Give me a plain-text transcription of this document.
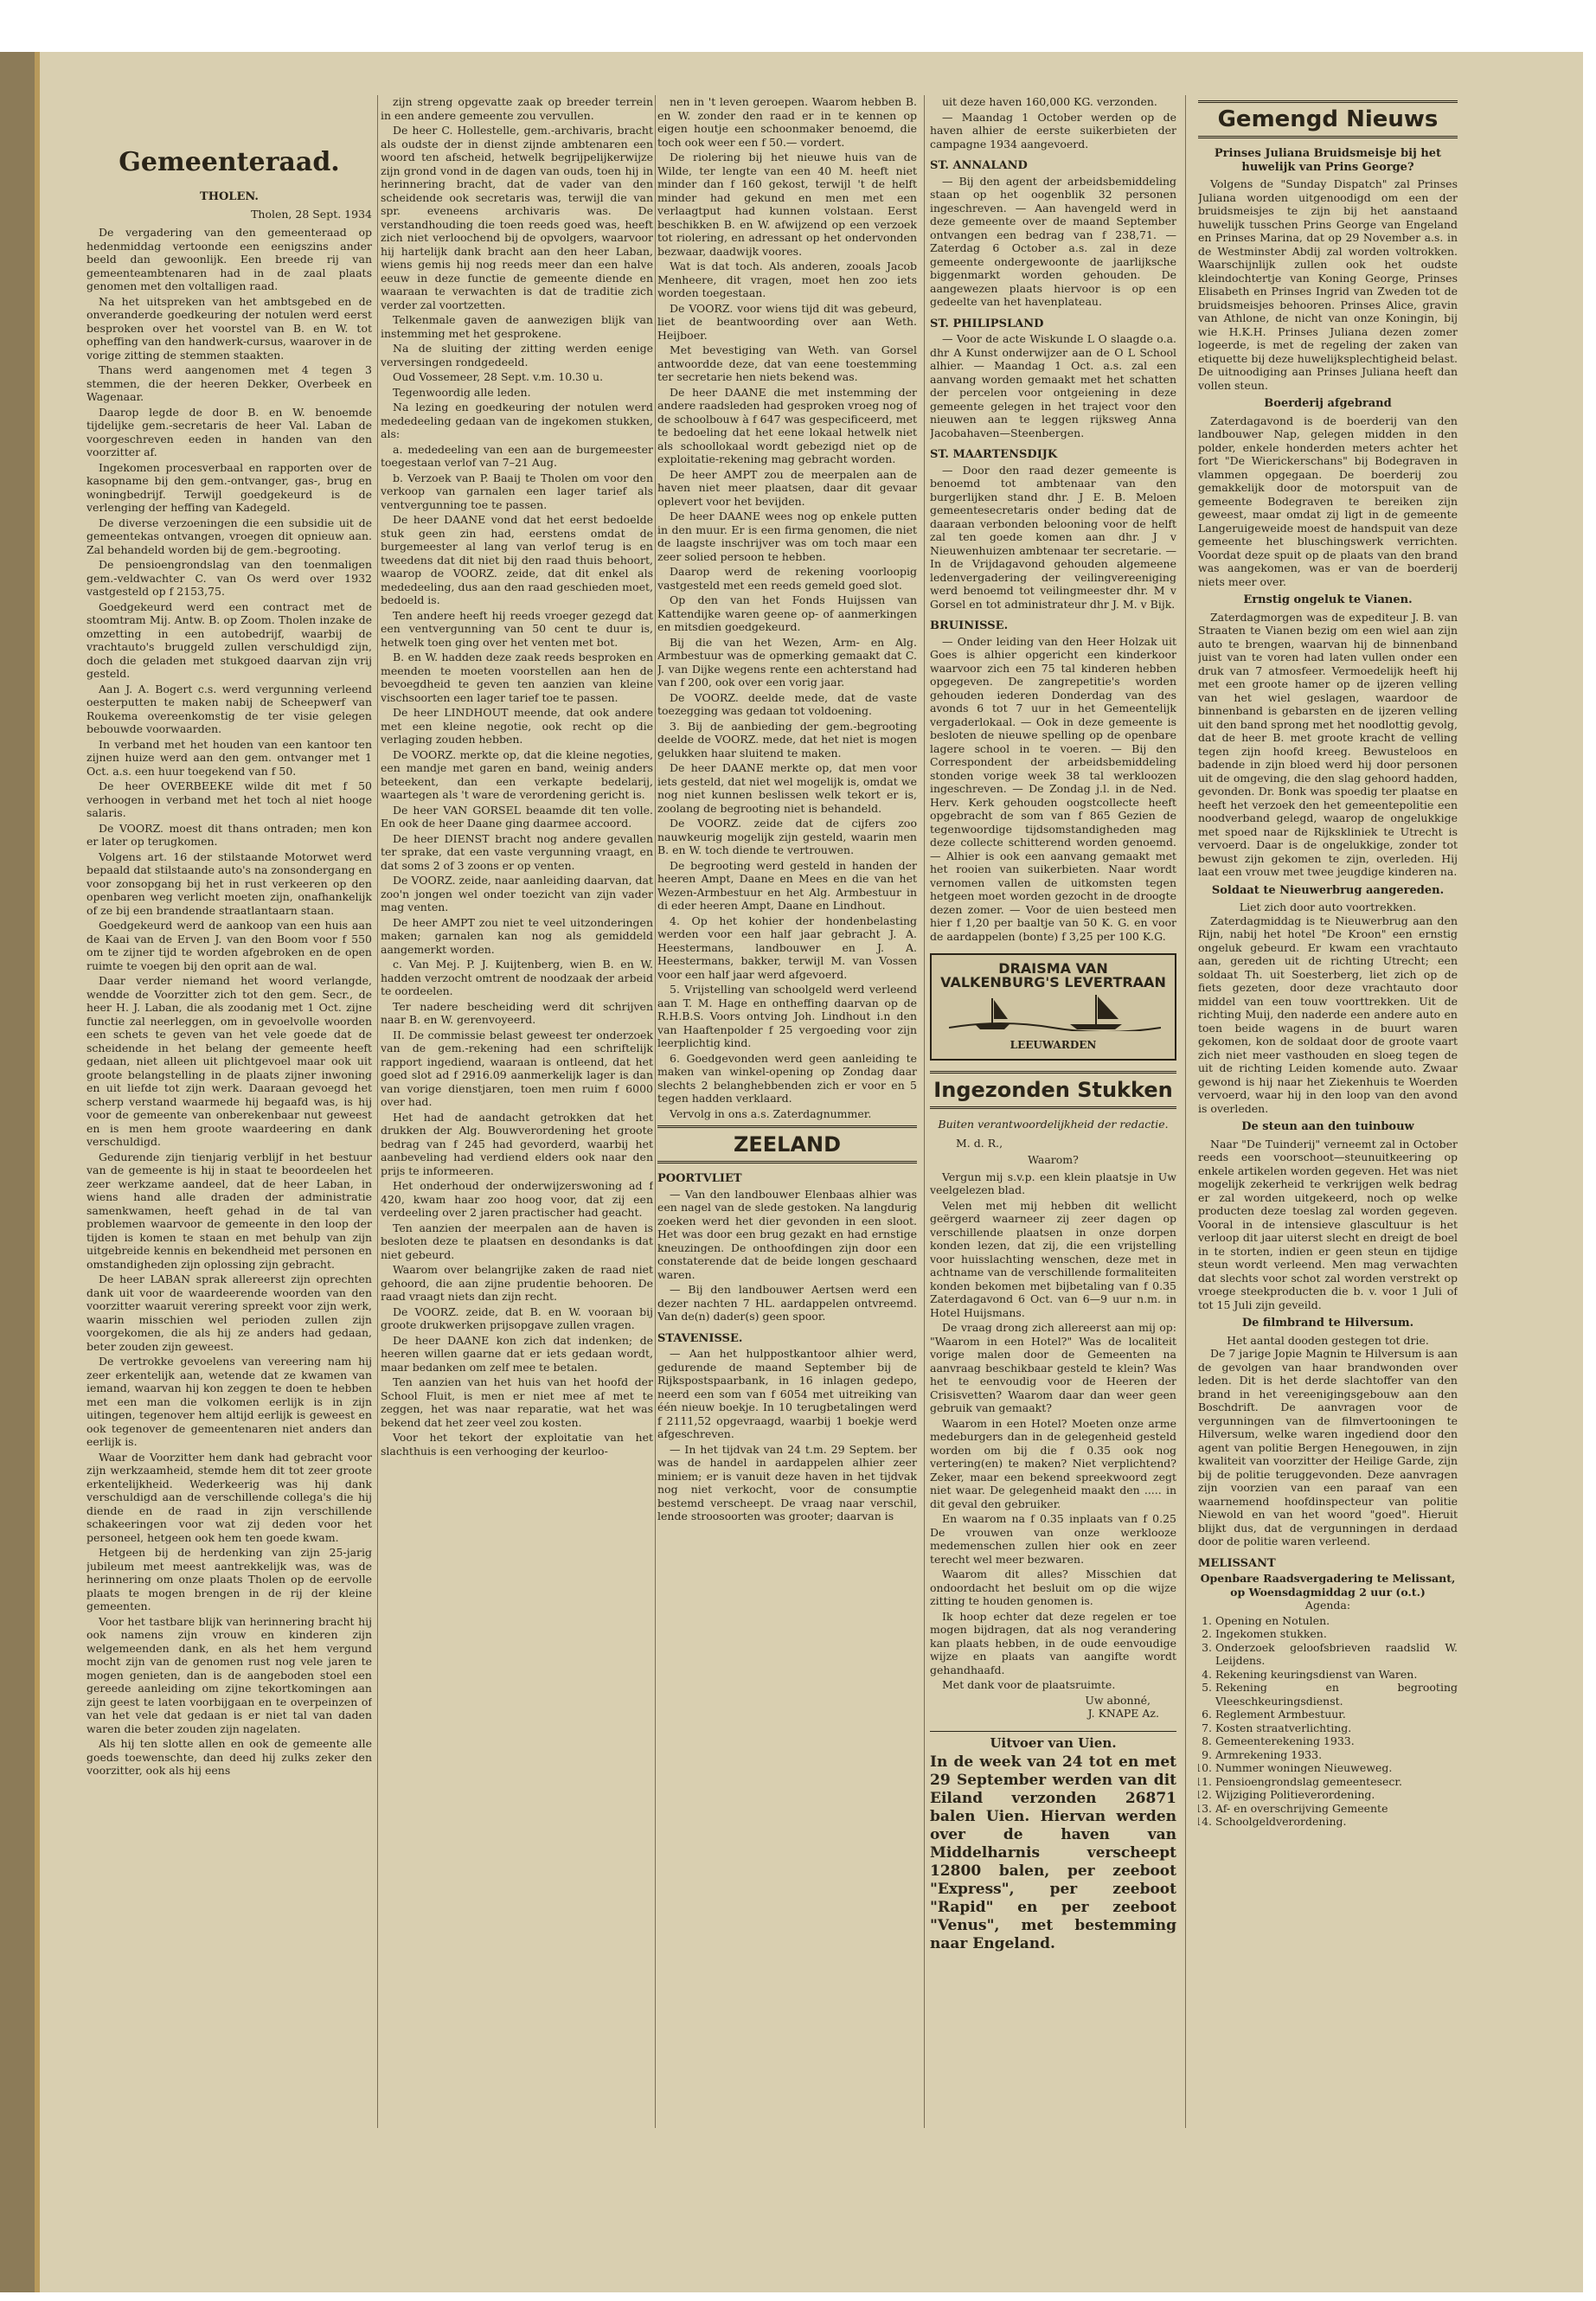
Gemeenteraad.
THOLEN.
Tholen, 28 Sept. 1934

De vergadering van den gemeenteraad op hedenmiddag vertoonde een eenigszins ander beeld dan gewoonlijk. Een breede rij van gemeenteambtenaren had in de zaal plaats genomen met den voltalligen raad.

Na het uitspreken van het ambtsgebed en de onveranderde goedkeuring der notulen werd eerst besproken over het voorstel van B. en W. tot opheffing van den handwerk-cursus, waarover in de vorige zitting de stemmen staakten.

Thans werd aangenomen met 4 tegen 3 stemmen, die der heeren Dekker, Overbeek en Wagenaar.

Daarop legde de door B. en W. benoemde tijdelijke gem.-secretaris de heer Val. Laban de voorgeschreven eeden in handen van den voorzitter af.

Ingekomen procesverbaal en rapporten over de kasopname bij den gem.-ontvanger, gas-, brug en woningbedrijf. Terwijl goedgekeurd is de verlenging der heffing van Kadegeld.

De diverse verzoeningen die een subsidie uit de gemeentekas ontvangen, vroegen dit opnieuw aan. Zal behandeld worden bij de gem.-begrooting.

De pensioengrondslag van den toenmaligen gem.-veldwachter C. van Os werd over 1932 vastgesteld op f 2153,75.

Goedgekeurd werd een contract met de stoomtram Mij. Antw. B. op Zoom. Tholen inzake de omzetting in een autobedrijf, waarbij de vrachtauto's bruggeld zullen verschuldigd zijn, doch die geladen met stukgoed daarvan zijn vrij gesteld.

Aan J. A. Bogert c.s. werd vergunning verleend oesterputten te maken nabij de Scheepwerf van Roukema overeenkomstig de ter visie gelegen bebouwde voorwaarden.

In verband met het houden van een kantoor ten zijnen huize werd aan den gem. ontvanger met 1 Oct. a.s. een huur toegekend van f 50.

De heer OVERBEEKE wilde dit met f 50 verhoogen in verband met het toch al niet hooge salaris.

De VOORZ. moest dit thans ontraden; men kon er later op terugkomen.

Volgens art. 16 der stilstaande Motorwet werd bepaald dat stilstaande auto's na zonsondergang en voor zonsopgang bij het in rust verkeeren op den openbaren weg verlicht moeten zijn, onafhankelijk of ze bij een brandende straatlantaarn staan.

Goedgekeurd werd de aankoop van een huis aan de Kaai van de Erven J. van den Boom voor f 550 om te zijner tijd te worden afgebroken en de open ruimte te voegen bij den oprit aan de wal.

Daar verder niemand het woord verlangde, wendde de Voorzitter zich tot den gem. Secr., de heer H. J. Laban, die als zoodanig met 1 Oct. zijne functie zal neerleggen, om in gevoelvolle woorden een schets te geven van het vele goede dat de scheidende in het belang der gemeente heeft gedaan, niet alleen uit plichtgevoel maar ook uit groote belangstelling in de plaats zijner inwoning en uit liefde tot zijn werk. Daaraan gevoegd het scherp verstand waarmede hij begaafd was, is hij voor de gemeente van onberekenbaar nut geweest en is men hem groote waardeering en dank verschuldigd.

Gedurende zijn tienjarig verblijf in het bestuur van de gemeente is hij in staat te beoordeelen het zeer werkzame aandeel, dat de heer Laban, in wiens hand alle draden der administratie samenkwamen, heeft gehad in de tal van problemen waarvoor de gemeente in den loop der tijden is komen te staan en met behulp van zijn uitgebreide kennis en bekendheid met personen en omstandigheden zijn oplossing zijn gebracht.

De heer LABAN sprak allereerst zijn oprechten dank uit voor de waardeerende woorden van den voorzitter waaruit verering spreekt voor zijn werk, waarin misschien wel perioden zullen zijn voorgekomen, die als hij ze anders had gedaan, beter zouden zijn geweest.

De vertrokke gevoelens van vereering nam hij zeer erkentelijk aan, wetende dat ze kwamen van iemand, waarvan hij kon zeggen te doen te hebben met een man die volkomen eerlijk is in zijn uitingen, tegenover hem altijd eerlijk is geweest en ook tegenover de gemeentenaren niet anders dan eerlijk is.

Waar de Voorzitter hem dank had gebracht voor zijn werkzaamheid, stemde hem dit tot zeer groote erkentelijkheid. Wederkeerig was hij dank verschuldigd aan de verschillende collega's die hij diende en de raad in zijn verschillende schakeeringen voor wat zij deden voor het personeel, hetgeen ook hem ten goede kwam.

Hetgeen bij de herdenking van zijn 25-jarig jubileum met meest aantrekkelijk was, was de herinnering om onze plaats Tholen op de eervolle plaats te mogen brengen in de rij der kleine gemeenten.

Voor het tastbare blijk van herinnering bracht hij ook namens zijn vrouw en kinderen zijn welgemeenden dank, en als het hem vergund mocht zijn van de genomen rust nog vele jaren te mogen genieten, dan is de aangeboden stoel een gereede aanleiding om zijne tekortkomingen aan zijn geest te laten voorbijgaan en te overpeinzen of van het vele dat gedaan is er niet tal van daden waren die beter zouden zijn nagelaten.

Als hij ten slotte allen en ook de gemeente alle goeds toewenschte, dan deed hij zulks zeker den voorzitter, ook als hij eens

zijn streng opgevatte zaak op breeder terrein in een andere gemeente zou vervullen.

De heer C. Hollestelle, gem.-archivaris, bracht als oudste der in dienst zijnde ambtenaren een woord ten afscheid, hetwelk begrijpelijkerwijze zijn grond vond in de dagen van ouds, toen hij in herinnering bracht, dat de vader van den scheidende ook secretaris was, terwijl die van spr. eveneens archivaris was. De verstandhouding die toen reeds goed was, heeft zich niet verloochend bij de opvolgers, waarvoor hij hartelijk dank bracht aan den heer Laban, wiens gemis hij nog reeds meer dan een halve eeuw in deze functie de gemeente diende en waaraan te verwachten is dat de traditie zich verder zal voortzetten.

Telkenmale gaven de aanwezigen blijk van instemming met het gesprokene.

Na de sluiting der zitting werden eenige verversingen rondgedeeld.

Oud Vossemeer, 28 Sept. v.m. 10.30 u.

Tegenwoordig alle leden.

Na lezing en goedkeuring der notulen werd mededeeling gedaan van de ingekomen stukken, als:

a. mededeeling van een aan de burgemeester toegestaan verlof van 7–21 Aug.

b. Verzoek van P. Baaij te Tholen om voor den verkoop van garnalen een lager tarief als ventvergunning toe te passen.

De heer DAANE vond dat het eerst bedoelde stuk geen zin had, eerstens omdat de burgemeester al lang van verlof terug is en tweedens dat dit niet bij den raad thuis behoort, waarop de VOORZ. zeide, dat dit enkel als mededeeling, dus aan den raad geschieden moet, bedoeld is.

Ten andere heeft hij reeds vroeger gezegd dat een ventvergunning van 50 cent te duur is, hetwelk toen ging over het venten met bot.

B. en W. hadden deze zaak reeds besproken en meenden te moeten voorstellen aan hen de bevoegdheid te geven ten aanzien van kleine vischsoorten een lager tarief toe te passen.

De heer LINDHOUT meende, dat ook andere met een kleine negotie, ook recht op die verlaging zouden hebben.

De VOORZ. merkte op, dat die kleine negoties, een mandje met garen en band, weinig anders beteekent, dan een verkapte bedelarij, waartegen als 't ware de verordening gericht is.

De heer VAN GORSEL beaamde dit ten volle. En ook de heer Daane ging daarmee accoord.

De heer DIENST bracht nog andere gevallen ter sprake, dat een vaste vergunning vraagt, en dat soms 2 of 3 zoons er op venten.

De VOORZ. zeide, naar aanleiding daarvan, dat zoo'n jongen wel onder toezicht van zijn vader mag venten.

De heer AMPT zou niet te veel uitzonderingen maken; garnalen kan nog als gemiddeld aangemerkt worden.

c. Van Mej. P. J. Kuijtenberg, wien B. en W. hadden verzocht omtrent de noodzaak der arbeid te oordeelen.

Ter nadere bescheiding werd dit schrijven naar B. en W. gerenvoyeerd.

II. De commissie belast geweest ter onderzoek van de gem.-rekening had een schriftelijk rapport ingediend, waaraan is ontleend, dat het goed slot ad f 2916.09 aanmerkelijk lager is dan van vorige dienstjaren, toen men ruim f 6000 over had.

Het had de aandacht getrokken dat het drukken der Alg. Bouwverordening het groote bedrag van f 245 had gevorderd, waarbij het aanbeveling had verdiend elders ook naar den prijs te informeeren.

Het onderhoud der onderwijzerswoning ad f 420, kwam haar zoo hoog voor, dat zij een verdeeling over 2 jaren practischer had geacht.

Ten aanzien der meerpalen aan de haven is besloten deze te plaatsen en desondanks is dat niet gebeurd.

Waarom over belangrijke zaken de raad niet gehoord, die aan zijne prudentie behooren. De raad vraagt niets dan zijn recht.

De VOORZ. zeide, dat B. en W. vooraan bij groote drukwerken prijsopgave zullen vragen.

De heer DAANE kon zich dat indenken; de heeren willen gaarne dat er iets gedaan wordt, maar bedanken om zelf mee te betalen.

Ten aanzien van het huis van het hoofd der School Fluit, is men er niet mee af met te zeggen, het was naar reparatie, wat het was bekend dat het zeer veel zou kosten.

Voor het tekort der exploitatie van het slachthuis is een verhooging der keurloo-

nen in 't leven geroepen. Waarom hebben B. en W. zonder den raad er in te kennen op eigen houtje een schoonmaker benoemd, die toch ook weer een f 50.— vordert.

De riolering bij het nieuwe huis van de Wilde, ter lengte van een 40 M. heeft niet minder dan f 160 gekost, terwijl 't de helft minder had gekund en men met een verlaagtput had kunnen volstaan. Eerst beschikken B. en W. afwijzend op een verzoek tot riolering, en adressant op het ondervonden bezwaar, daadwijk voores.

Wat is dat toch. Als anderen, zooals Jacob Menheere, dit vragen, moet hen zoo iets worden toegestaan.

De VOORZ. voor wiens tijd dit was gebeurd, liet de beantwoording over aan Weth. Heijboer.

Met bevestiging van Weth. van Gorsel antwoordde deze, dat van eene toestemming ter secretarie hen niets bekend was.

De heer DAANE die met instemming der andere raadsleden had gesproken vroeg nog of de schoolbouw à f 647 was gespecificeerd, met te bedoeling dat het eene lokaal hetwelk niet als schoollokaal wordt gebezigd niet op de exploitatie-rekening mag gebracht worden.

De heer AMPT zou de meerpalen aan de haven niet meer plaatsen, daar dit gevaar oplevert voor het bevijden.

De heer DAANE wees nog op enkele putten in den muur. Er is een firma genomen, die niet de laagste inschrijver was om toch maar een zeer solied persoon te hebben.

Daarop werd de rekening voorloopig vastgesteld met een reeds gemeld goed slot.

Op den van het Fonds Huijssen van Kattendijke waren geene op- of aanmerkingen en mitsdien goedgekeurd.

Bij die van het Wezen, Arm- en Alg. Armbestuur was de opmerking gemaakt dat C. J. van Dijke wegens rente een achterstand had van f 200, ook over een vorig jaar.

De VOORZ. deelde mede, dat de vaste toezegging was gedaan tot voldoening.

3. Bij de aanbieding der gem.-begrooting deelde de VOORZ. mede, dat het niet is mogen gelukken haar sluitend te maken.

De heer DAANE merkte op, dat men voor iets gesteld, dat niet wel mogelijk is, omdat we nog niet kunnen beslissen welk tekort er is, zoolang de begrooting niet is behandeld.

De VOORZ. zeide dat de cijfers zoo nauwkeurig mogelijk zijn gesteld, waarin men B. en W. toch diende te vertrouwen.

De begrooting werd gesteld in handen der heeren Ampt, Daane en Mees en die van het Wezen-Armbestuur en het Alg. Armbestuur in di eder heeren Ampt, Daane en Lindhout.

4. Op het kohier der hondenbelasting werden voor een half jaar gebracht J. A. Heestermans, landbouwer en J. A. Heestermans, bakker, terwijl M. van Vossen voor een half jaar werd afgevoerd.

5. Vrijstelling van schoolgeld werd verleend aan T. M. Hage en ontheffing daarvan op de R.H.B.S. Voors ontving Joh. Lindhout i.n den van Haaftenpolder f 25 vergoeding voor zijn leerplichtig kind.

6. Goedgevonden werd geen aanleiding te maken van winkel-opening op Zondag daar slechts 2 belanghebbenden zich er voor en 5 tegen hadden verklaard.

Vervolg in ons a.s. Zaterdagnummer.

ZEELAND
POORTVLIET

— Van den landbouwer Elenbaas alhier was een nagel van de slede gestoken. Na langdurig zoeken werd het dier gevonden in een sloot. Het was door een brug gezakt en had ernstige kneuzingen. De onthoofdingen zijn door een constaterende dat de beide longen geschaard waren.

— Bij den landbouwer Aertsen werd een dezer nachten 7 HL. aardappelen ontvreemd. Van de(n) dader(s) geen spoor.

STAVENISSE.

— Aan het hulppostkantoor alhier werd, gedurende de maand September bij de Rijkspostspaarbank, in 16 inlagen gedepo, neerd een som van f 6054 met uitreiking van één nieuw boekje. In 10 terugbetalingen werd f 2111,52 opgevraagd, waarbij 1 boekje werd afgeschreven.

— In het tijdvak van 24 t.m. 29 Septem. ber was de handel in aardappelen alhier zeer miniem; er is vanuit deze haven in het tijdvak nog niet verkocht, voor de consumptie bestemd verscheept. De vraag naar verschil, lende stroosoorten was grooter; daarvan is

uit deze haven 160,000 KG. verzonden.

— Maandag 1 October werden op de haven alhier de eerste suikerbieten der campagne 1934 aangevoerd.

ST. ANNALAND

— Bij den agent der arbeidsbemiddeling staan op het oogenblik 32 personen ingeschreven. — Aan havengeld werd in deze gemeente over de maand September ontvangen een bedrag van f 238,71. — Zaterdag 6 October a.s. zal in deze gemeente ondergewoonte de jaarlijksche biggenmarkt worden gehouden. De aangewezen plaats hiervoor is op een gedeelte van het havenplateau.

ST. PHILIPSLAND

— Voor de acte Wiskunde L O slaagde o.a. dhr A Kunst onderwijzer aan de O L School alhier. — Maandag 1 Oct. a.s. zal een aanvang worden gemaakt met het schatten der percelen voor ontgeiening in deze gemeente gelegen in het traject voor den nieuwen aan te leggen rijksweg Anna Jacobahaven—Steenbergen.

ST. MAARTENSDIJK

— Door den raad dezer gemeente is benoemd tot ambtenaar van den burgerlijken stand dhr. J E. B. Meloen gemeentesecretaris onder beding dat de daaraan verbonden belooning voor de helft zal ten goede komen aan dhr. J v Nieuwenhuizen ambtenaar ter secretarie. — In de Vrijdagavond gehouden algemeene ledenvergadering der veilingvereeniging werd benoemd tot veilingmeester dhr. M v Gorsel en tot administrateur dhr J. M. v Bijk.

BRUINISSE.

— Onder leiding van den Heer Holzak uit Goes is alhier opgericht een kinderkoor waarvoor zich een 75 tal kinderen hebben opgegeven. De zangrepetitie's worden gehouden iederen Donderdag van des avonds 6 tot 7 uur in het Gemeentelijk vergaderlokaal. — Ook in deze gemeente is besloten de nieuwe spelling op de openbare lagere school in te voeren. — Bij den Correspondent der arbeidsbemiddeling stonden vorige week 38 tal werkloozen ingeschreven. — De Zondag j.l. in de Ned. Herv. Kerk gehouden oogstcollecte heeft opgebracht de som van f 865 Gezien de tegenwoordige tijdsomstandigheden mag deze collecte schitterend worden genoemd. — Alhier is ook een aanvang gemaakt met het rooien van suikerbieten. Naar wordt vernomen vallen de uitkomsten tegen hetgeen moet worden gezocht in de droogte dezen zomer. — Voor de uien besteed men hier f 1,20 per baaltje van 50 K. G. en voor de aardappelen (bonte) f 3,25 per 100 K.G.

DRAISMA VAN VALKENBURG'S LEVERTRAAN
LEEUWARDEN
Ingezonden Stukken
Buiten verantwoordelijkheid der redactie.
M. d. R.,
Waarom?

Vergun mij s.v.p. een klein plaatsje in Uw veelgelezen blad.

Velen met mij hebben dit wellicht geërgerd waarneer zij zeer dagen op verschillende plaatsen in onze dorpen konden lezen, dat zij, die een vrijstelling voor huisslachting wenschen, deze met in achtname van de verschillende formaliteiten konden bekomen met bijbetaling van f 0.35 Zaterdagavond 6 Oct. van 6—9 uur n.m. in Hotel Huijsmans.

De vraag drong zich allereerst aan mij op: "Waarom in een Hotel?" Was de localiteit vorige malen door de Gemeenten na aanvraag beschikbaar gesteld te klein? Was het te eenvoudig voor de Heeren der Crisisvetten? Waarom daar dan weer geen gebruik van gemaakt?

Waarom in een Hotel? Moeten onze arme medeburgers dan in de gelegenheid gesteld worden om bij die f 0.35 ook nog vertering(en) te maken? Niet verplichtend? Zeker, maar een bekend spreekwoord zegt niet waar. De gelegenheid maakt den ..... in dit geval den gebruiker.

En waarom na f 0.35 inplaats van f 0.25 De vrouwen van onze werklooze medemenschen zullen hier ook en zeer terecht wel meer bezwaren.

Waarom dit alles? Misschien dat ondoordacht het besluit om op die wijze zitting te houden genomen is.

Ik hoop echter dat deze regelen er toe mogen bijdragen, dat als nog verandering kan plaats hebben, in de oude eenvoudige wijze en plaats van aangifte wordt gehandhaafd.

Met dank voor de plaatsruimte.

Uw abonné,
J. KNAPE Az.
Uitvoer van Uien.
In de week van 24 tot en met 29 September werden van dit Eiland verzonden 26871 balen Uien. Hiervan werden over de haven van Middelharnis verscheept 12800 balen, per zeeboot "Express", per zeeboot "Rapid" en per zeeboot "Venus", met bestemming naar Engeland.
Gemengd Nieuws
Prinses Juliana Bruidsmeisje bij het huwelijk van Prins George?

Volgens de "Sunday Dispatch" zal Prinses Juliana worden uitgenoodigd om een der bruidsmeisjes te zijn bij het aanstaand huwelijk tusschen Prins George van Engeland en Prinses Marina, dat op 29 November a.s. in de Westminster Abdij zal worden voltrokken. Waarschijnlijk zullen ook het oudste kleindochtertje van Koning George, Prinses Elisabeth en Prinses Ingrid van Zweden tot de bruidsmeisjes behooren. Prinses Alice, gravin van Athlone, de nicht van onze Koningin, bij wie H.K.H. Prinses Juliana dezen zomer logeerde, is met de regeling der zaken van etiquette bij deze huwelijksplechtigheid belast. De uitnoodiging aan Prinses Juliana heeft dan vollen steun.

Boerderij afgebrand

Zaterdagavond is de boerderij van den landbouwer Nap, gelegen midden in den polder, enkele honderden meters achter het fort "De Wierickerschans" bij Bodegraven in vlammen opgegaan. De boerderij zou gemakkelijk door de motorspuit van de gemeente Bodegraven te bereiken zijn geweest, maar omdat zij ligt in de gemeente Langeruigeweide moest de handspuit van deze gemeente het bluschingswerk verrichten. Voordat deze spuit op de plaats van den brand was aangekomen, was er van de boerderij niets meer over.

Ernstig ongeluk te Vianen.

Zaterdagmorgen was de expediteur J. B. van Straaten te Vianen bezig om een wiel aan zijn auto te brengen, waarvan hij de binnenband juist van te voren had laten vullen onder een druk van 7 atmosfeer. Vermoedelijk heeft hij met een groote hamer op de ijzeren velling van het wiel geslagen, waardoor de binnenband is gebarsten en de ijzeren velling uit den band sprong met het noodlottig gevolg, dat de heer B. met groote kracht de velling tegen zijn hoofd kreeg. Bewusteloos en badende in zijn bloed werd hij door personen uit de omgeving, die den slag gehoord hadden, gevonden. Dr. Bonk was spoedig ter plaatse en heeft het verzoek den het gemeentepolitie een noodverband gelegd, waarop de ongelukkige met spoed naar de Rijkskliniek te Utrecht is vervoerd. Daar is de ongelukkige, zonder tot bewust zijn gekomen te zijn, overleden. Hij laat een vrouw met twee jeugdige kinderen na.

Soldaat te Nieuwerbrug aangereden.
Liet zich door auto voortrekken.

Zaterdagmiddag is te Nieuwerbrug aan den Rijn, nabij het hotel "De Kroon" een ernstig ongeluk gebeurd. Er kwam een vrachtauto aan, gereden uit de richting Utrecht; een soldaat Th. uit Soesterberg, liet zich op de fiets gezeten, door deze vrachtauto door middel van een touw voorttrekken. Uit de richting Muij, den naderde een andere auto en toen beide wagens in de buurt waren gekomen, kon de soldaat door de groote vaart zich niet meer vasthouden en sloeg tegen de uit de richting Leiden komende auto. Zwaar gewond is hij naar het Ziekenhuis te Woerden vervoerd, waar hij in den loop van den avond is overleden.

De steun aan den tuinbouw

Naar "De Tuinderij" verneemt zal in October reeds een voorschoot—steunuitkeering op enkele artikelen worden gegeven. Het was niet mogelijk zekerheid te verkrijgen welk bedrag er zal worden uitgekeerd, noch op welke producten deze toeslag zal worden gegeven. Vooral in de intensieve glascultuur is het verloop dit jaar uiterst slecht en dreigt de boel in te storten, indien er geen steun en tijdige steun wordt verleend. Men mag verwachten dat slechts voor schot zal worden verstrekt op vroege steekproducten die b. v. voor 1 Juli of tot 15 Juli zijn geveild.

De filmbrand te Hilversum.
Het aantal dooden gestegen tot drie.

De 7 jarige Jopie Magnin te Hilversum is aan de gevolgen van haar brandwonden over leden. Dit is het derde slachtoffer van den brand in het vereenigingsgebouw aan den Boschdrift. De aanvragen voor de vergunningen van de filmvertooningen te Hilversum, welke waren ingediend door den agent van politie Bergen Henegouwen, in zijn kwaliteit van voorzitter der Heilige Garde, zijn bij de politie teruggevonden. Deze aanvragen zijn voorzien van een paraaf van een waarnemend hoofdinspecteur van politie Niewold en van het woord "goed". Hieruit blijkt dus, dat de vergunningen in derdaad door de politie waren verleend.

MELISSANT
Openbare Raadsvergadering te Melissant, op Woensdagmiddag 2 uur (o.t.)
Agenda:
1. Opening en Notulen.
2. Ingekomen stukken.
3. Onderzoek geloofsbrieven raadslid W. Leijdens.
4. Rekening keuringsdienst van Waren.
5. Rekening en begrooting Vleeschkeuringsdienst.
6. Reglement Armbestuur.
7. Kosten straatverlichting.
8. Gemeenterekening 1933.
9. Armrekening 1933.
10. Nummer woningen Nieuweweg.
11. Pensioengrondslag gemeentesecr.
12. Wijziging Politieverordening.
13. Af- en overschrijving Gemeente
14. Schoolgeldverordening.
